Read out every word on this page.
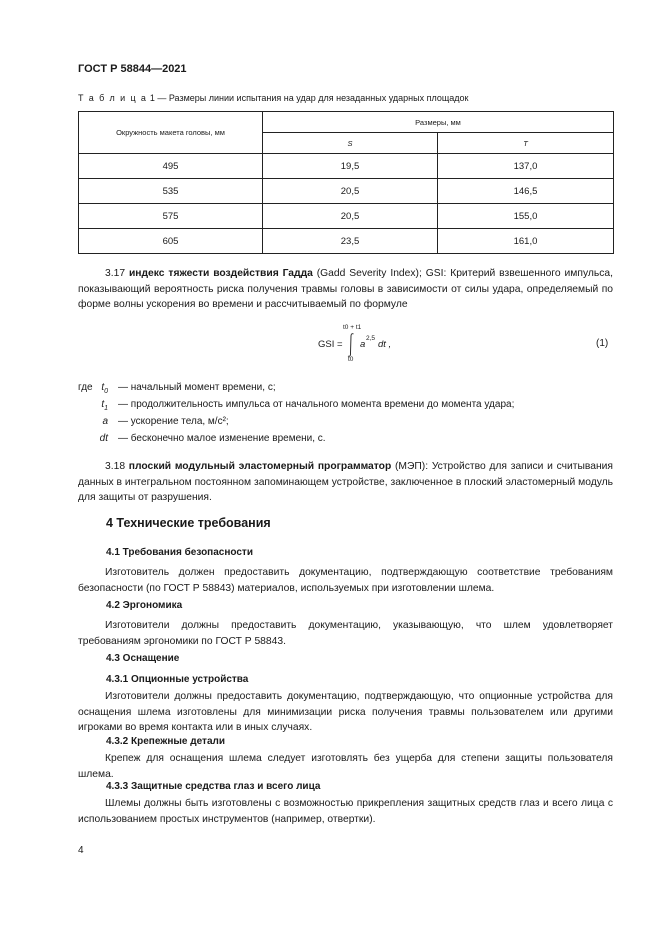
ГОСТ Р 58844—2021
Т а б л и ц а 1 — Размеры линии испытания на удар для незаданных ударных площадок
Окружность макета головы, мм	Размеры, мм	
	S	T
495	19,5	137,0
535	20,5	146,5
575	20,5	155,0
605	23,5	161,0
3.17 индекс тяжести воздействия Гадда (Gadd Severity Index); GSI: Критерий взвешенного импульса, показывающий вероятность риска получения травмы головы в зависимости от силы удара, определяемый по форме волны ускорения во времени и рассчитываемый по формуле
GSI =
t0 + t1
t0
a
2,5
dt ,	(1)
где $t_0$ — начальный момент времени, с;
$t_1$ — продолжительность импульса от начального момента времени до момента удара;
a — ускорение тела, м/с²;
dt — бесконечно малое изменение времени, с.
3.18 плоский модульный эластомерный программатор (МЭП): Устройство для записи и считывания данных в интегральном постоянном запоминающем устройстве, заключенное в плоский эластомерный модуль для защиты от разрушения.
4 Технические требования
4.1 Требования безопасности
Изготовитель должен предоставить документацию, подтверждающую соответствие требованиям безопасности (по ГОСТ Р 58843) материалов, используемых при изготовлении шлема.
4.2 Эргономика
Изготовители должны предоставить документацию, указывающую, что шлем удовлетворяет требованиям эргономики по ГОСТ Р 58843.
4.3 Оснащение
4.3.1 Опционные устройства
Изготовители должны предоставить документацию, подтверждающую, что опционные устройства для оснащения шлема изготовлены для минимизации риска получения травмы пользователем или другими игроками во время контакта или в иных случаях.
4.3.2 Крепежные детали
Крепеж для оснащения шлема следует изготовлять без ущерба для степени защиты пользователя шлема.
4.3.3 Защитные средства глаз и всего лица
Шлемы должны быть изготовлены с возможностью прикрепления защитных средств глаз и всего лица с использованием простых инструментов (например, отвертки).
4
